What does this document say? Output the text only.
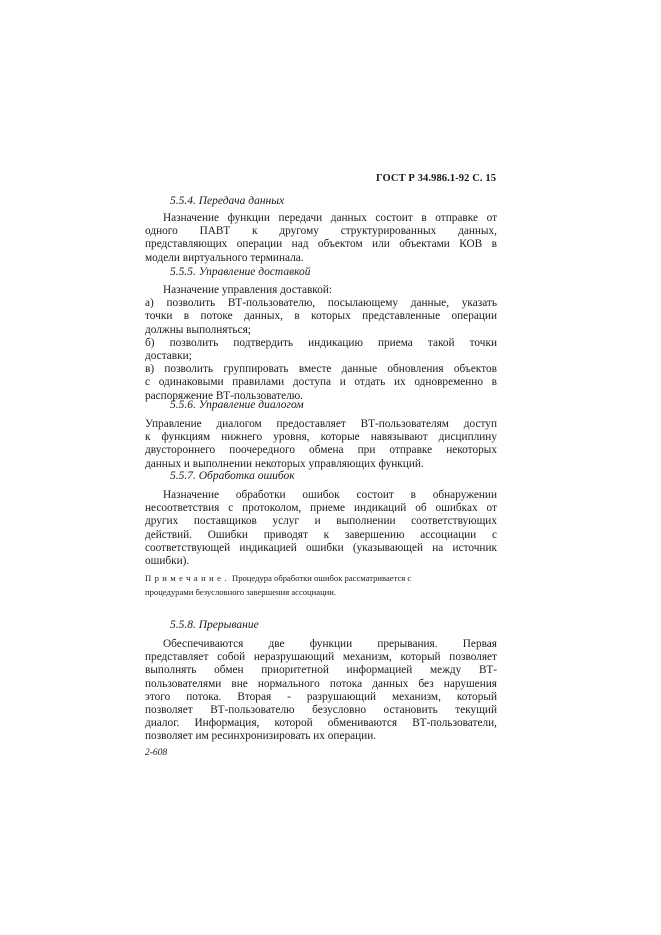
ГОСТ Р 34.986.1-92 С. 15
5.5.4. Передача данных
Назначение функции передачи данных состоит в отправке от
одного ПАВТ к другому структурированных данных,
представляющих операции над объектом или объектами КОВ в
модели виртуального терминала.
5.5.5. Управление доставкой
Назначение управления доставкой:
а) позволить ВТ-пользователю, посылающему данные, указать
точки в потоке данных, в которых представленные операции
должны выполняться;
б) позволить подтвердить индикацию приема такой точки
доставки;
в) позволить группировать вместе данные обновления объектов
с одинаковыми правилами доступа и отдать их одновременно в
распоряжение ВТ-пользователю.
5.5.6. Управление диалогом
Управление диалогом предоставляет ВТ-пользователям доступ
к функциям нижнего уровня, которые навязывают дисциплину
двустороннего поочередного обмена при отправке некоторых
данных и выполнении некоторых управляющих функций.
5.5.7. Обработка ошибок
Назначение обработки ошибок состоит в обнаружении
несоответствия с протоколом, приеме индикаций об ошибках от
других поставщиков услуг и выполнении соответствующих
действий. Ошибки приводят к завершению ассоциации с
соответствующей индикацией ошибки (указывающей на источник
ошибки).
Примечание. Процедура обработки ошибок рассматривается с
процедурами безусловного завершения ассоциации.
5.5.8. Прерывание
Обеспечиваются две функции прерывания. Первая
представляет собой неразрушающий механизм, который позволяет
выполнять обмен приоритетной информацией между ВТ-
пользователями вне нормального потока данных без нарушения
этого потока. Вторая - разрушающий механизм, который
позволяет ВТ-пользователю безусловно остановить текущий
диалог. Информация, которой обмениваются ВТ-пользователи,
позволяет им ресинхронизировать их операции.
2-608
